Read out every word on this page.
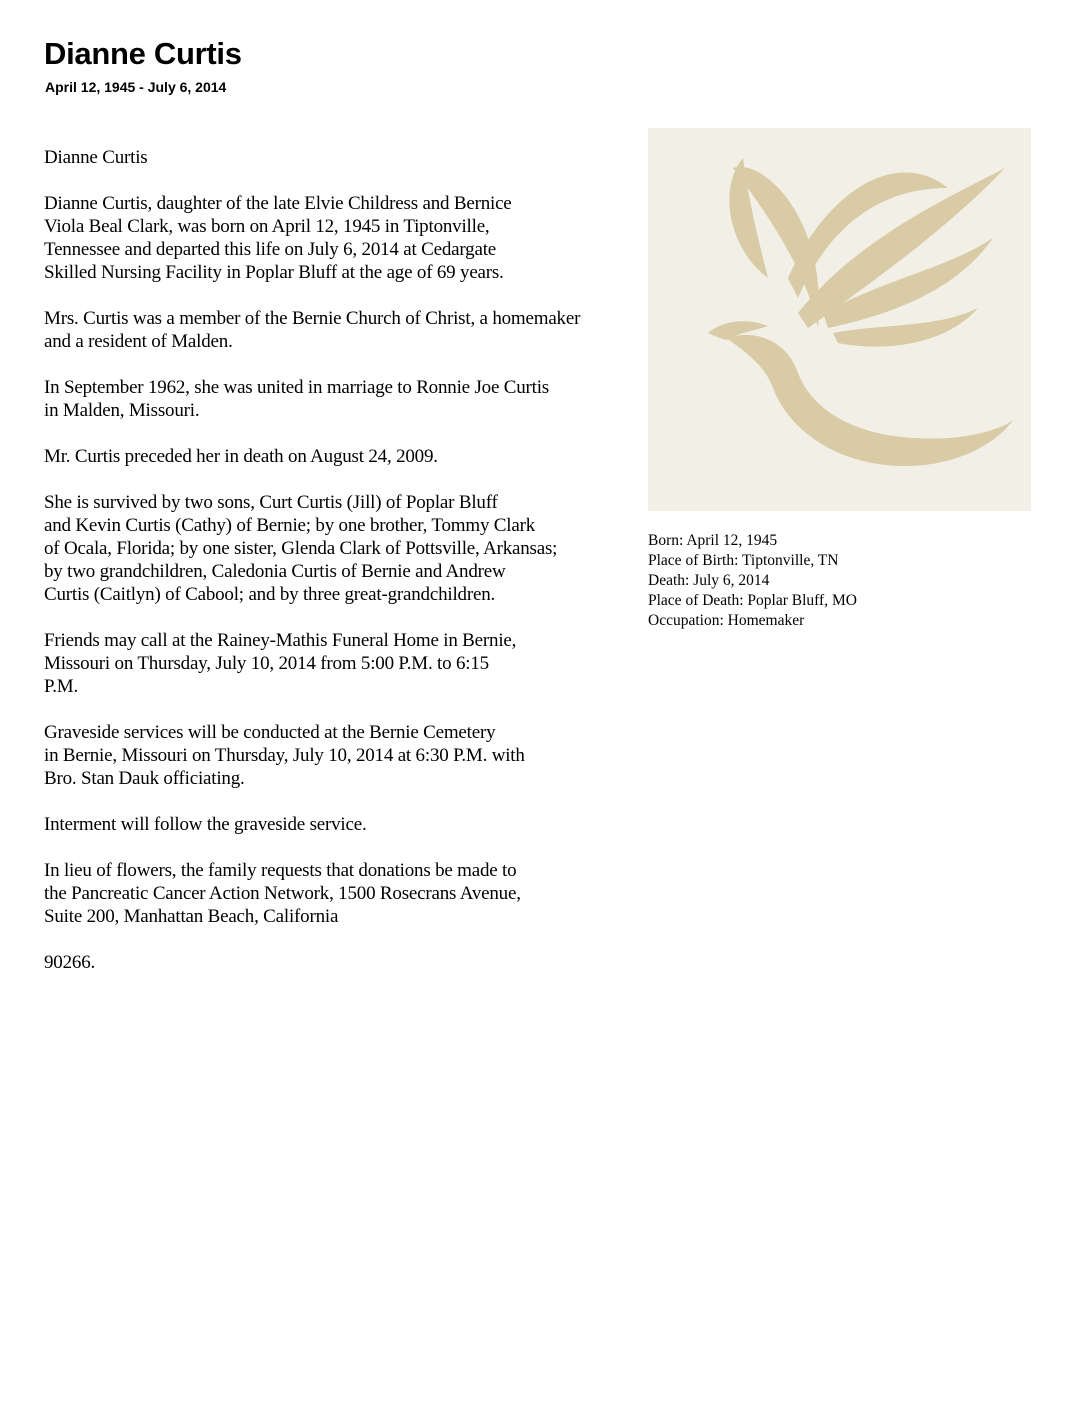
Dianne Curtis
April 12, 1945 - July 6, 2014

Dianne Curtis

Dianne Curtis, daughter of the late Elvie Childress and Bernice
Viola Beal Clark, was born on April 12, 1945 in Tiptonville,
Tennessee and departed this life on July 6, 2014 at Cedargate
Skilled Nursing Facility in Poplar Bluff at the age of 69 years.

Mrs. Curtis was a member of the Bernie Church of Christ, a homemaker
and a resident of Malden.

In September 1962, she was united in marriage to Ronnie Joe Curtis
in Malden, Missouri.

Mr. Curtis preceded her in death on August 24, 2009.

She is survived by two sons, Curt Curtis (Jill) of Poplar Bluff
and Kevin Curtis (Cathy) of Bernie; by one brother, Tommy Clark
of Ocala, Florida; by one sister, Glenda Clark of Pottsville, Arkansas;
by two grandchildren, Caledonia Curtis of Bernie and Andrew
Curtis (Caitlyn) of Cabool; and by three great-grandchildren.

Friends may call at the Rainey-Mathis Funeral Home in Bernie,
Missouri on Thursday, July 10, 2014 from 5:00 P.M. to 6:15
P.M.

Graveside services will be conducted at the Bernie Cemetery
in Bernie, Missouri on Thursday, July 10, 2014 at 6:30 P.M. with
Bro. Stan Dauk officiating.

Interment will follow the graveside service.

In lieu of flowers, the family requests that donations be made to
the Pancreatic Cancer Action Network, 1500 Rosecrans Avenue,
Suite 200, Manhattan Beach, California

90266.

Born: April 12, 1945
Place of Birth: Tiptonville, TN
Death: July 6, 2014
Place of Death: Poplar Bluff, MO
Occupation: Homemaker
